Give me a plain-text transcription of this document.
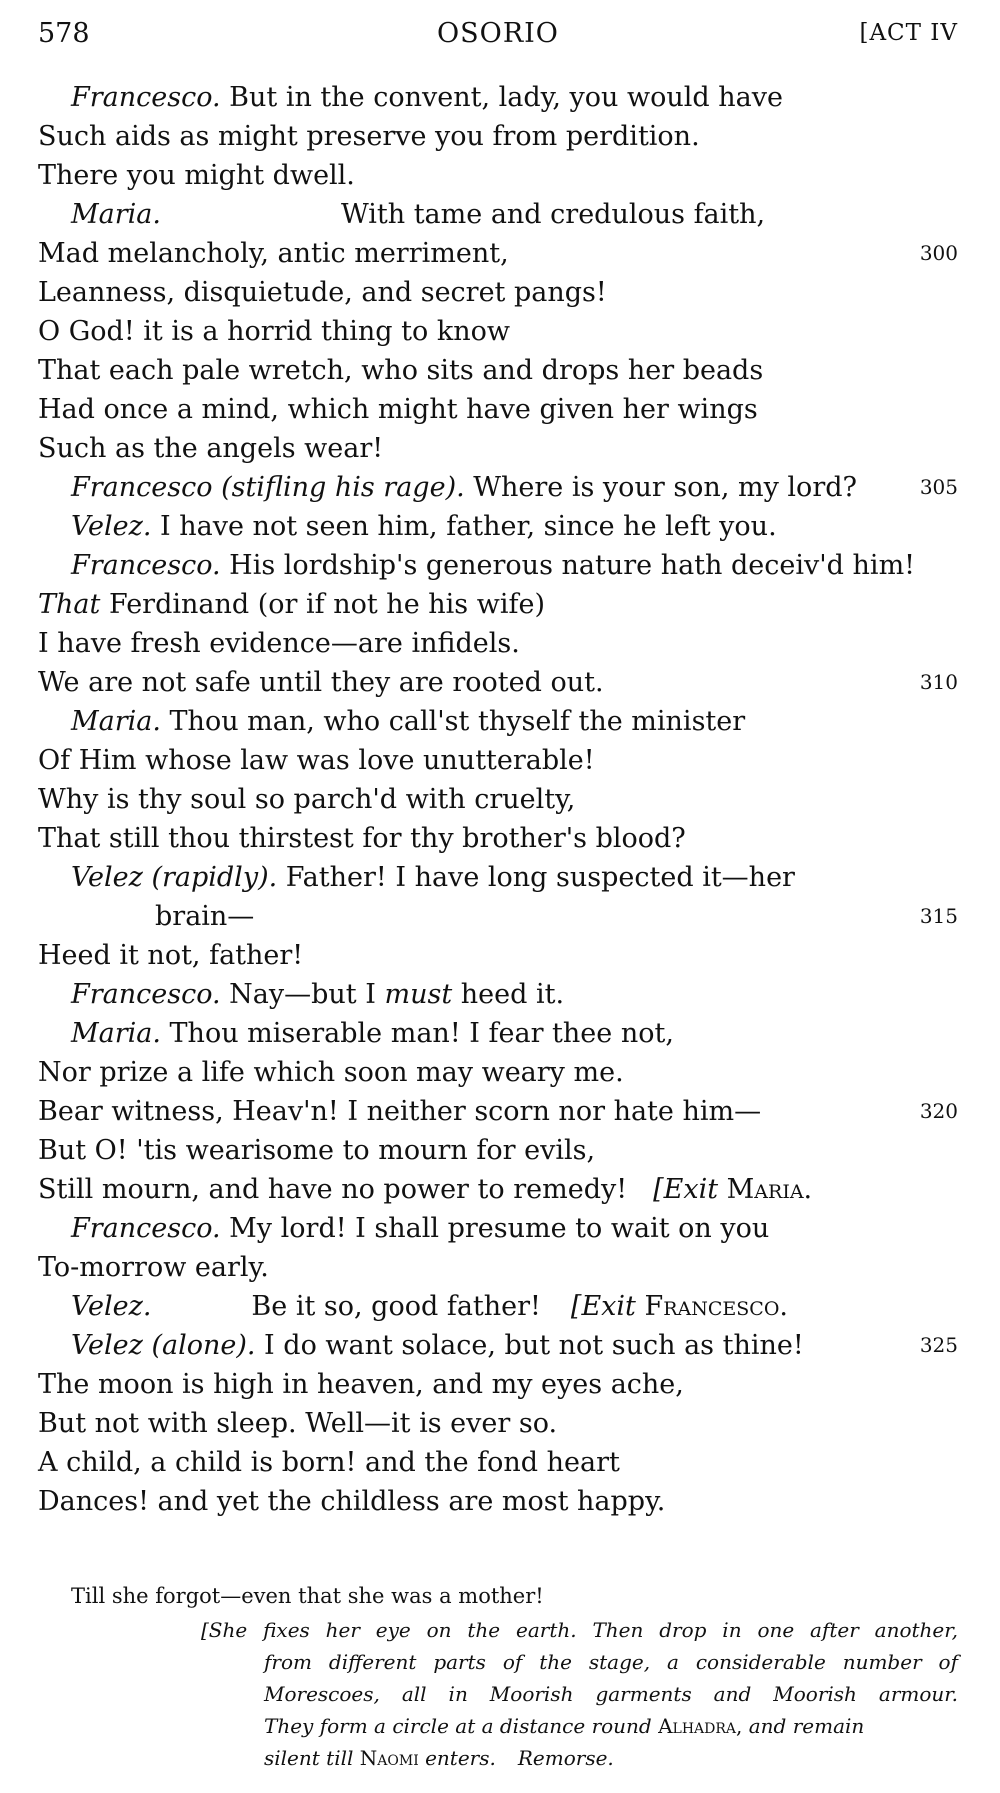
578	OSORIO	[ACT IV
Francesco. But in the convent, lady, you would have
Such aids as might preserve you from perdition.
There you might dwell.
Maria.	With tame and credulous faith,
Mad melancholy, antic merriment,	300
Leanness, disquietude, and secret pangs!
O God! it is a horrid thing to know
That each pale wretch, who sits and drops her beads
Had once a mind, which might have given her wings
Such as the angels wear!
Francesco (stifling his rage). Where is your son, my lord?	305
Velez. I have not seen him, father, since he left you.
Francesco. His lordship's generous nature hath deceiv'd him!
That Ferdinand (or if not he his wife)
I have fresh evidence—are infidels.
We are not safe until they are rooted out.	310
Maria. Thou man, who call'st thyself the minister
Of Him whose law was love unutterable!
Why is thy soul so parch'd with cruelty,
That still thou thirstest for thy brother's blood?
Velez (rapidly). Father! I have long suspected it—her
brain—	315
Heed it not, father!
Francesco. Nay—but I must heed it.
Maria. Thou miserable man! I fear thee not,
Nor prize a life which soon may weary me.
Bear witness, Heav'n! I neither scorn nor hate him—	320
But O! 'tis wearisome to mourn for evils,
Still mourn, and have no power to remedy! [Exit Maria.
Francesco. My lord! I shall presume to wait on you
To-morrow early.
Velez.	Be it so, good father! [Exit Francesco.
Velez (alone). I do want solace, but not such as thine!	325
The moon is high in heaven, and my eyes ache,
But not with sleep. Well—it is ever so.
A child, a child is born! and the fond heart
Dances! and yet the childless are most happy.
Till she forgot—even that she was a mother!
[She fixes her eye on the earth. Then drop in one after another,
from different parts of the stage, a considerable number of
Morescoes, all in Moorish garments and Moorish armour.
They form a circle at a distance round Alhadra, and remain
silent till Naomi enters. Remorse.
